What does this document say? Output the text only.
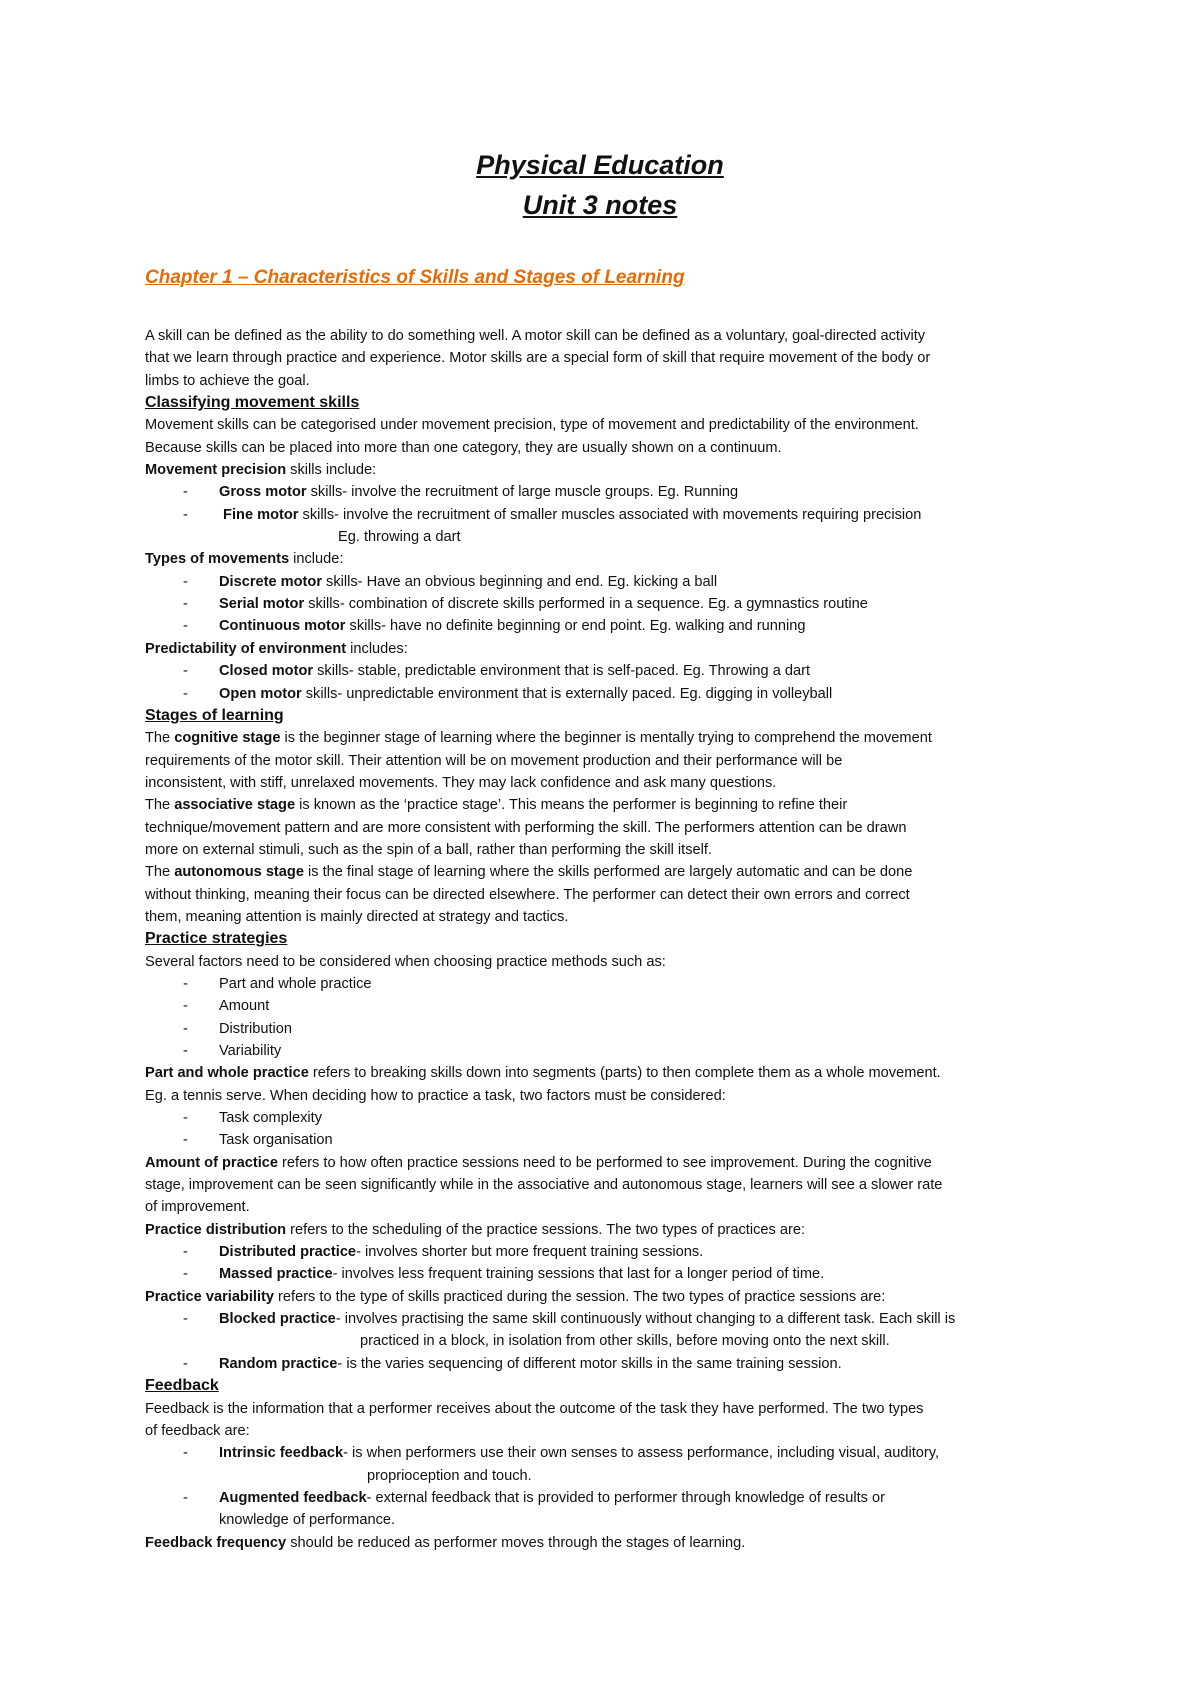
Physical Education
Unit 3 notes
Chapter 1 – Characteristics of Skills and Stages of Learning
A skill can be defined as the ability to do something well. A motor skill can be defined as a voluntary, goal-directed activity
that we learn through practice and experience. Motor skills are a special form of skill that require movement of the body or
limbs to achieve the goal.
Classifying movement skills
Movement skills can be categorised under movement precision, type of movement and predictability of the environment.
Because skills can be placed into more than one category, they are usually shown on a continuum.
Movement precision skills include:
- Gross motor skills- involve the recruitment of large muscle groups. Eg. Running
- Fine motor skills- involve the recruitment of smaller muscles associated with movements requiring precision
Eg. throwing a dart
Types of movements include:
- Discrete motor skills- Have an obvious beginning and end. Eg. kicking a ball
- Serial motor skills- combination of discrete skills performed in a sequence. Eg. a gymnastics routine
- Continuous motor skills- have no definite beginning or end point. Eg. walking and running
Predictability of environment includes:
- Closed motor skills- stable, predictable environment that is self-paced. Eg. Throwing a dart
- Open motor skills- unpredictable environment that is externally paced. Eg. digging in volleyball
Stages of learning
The cognitive stage is the beginner stage of learning where the beginner is mentally trying to comprehend the movement
requirements of the motor skill. Their attention will be on movement production and their performance will be
inconsistent, with stiff, unrelaxed movements. They may lack confidence and ask many questions.
The associative stage is known as the ‘practice stage’. This means the performer is beginning to refine their
technique/movement pattern and are more consistent with performing the skill. The performers attention can be drawn
more on external stimuli, such as the spin of a ball, rather than performing the skill itself.
The autonomous stage is the final stage of learning where the skills performed are largely automatic and can be done
without thinking, meaning their focus can be directed elsewhere. The performer can detect their own errors and correct
them, meaning attention is mainly directed at strategy and tactics.
Practice strategies
Several factors need to be considered when choosing practice methods such as:
- Part and whole practice
- Amount
- Distribution
- Variability
Part and whole practice refers to breaking skills down into segments (parts) to then complete them as a whole movement.
Eg. a tennis serve. When deciding how to practice a task, two factors must be considered:
- Task complexity
- Task organisation
Amount of practice refers to how often practice sessions need to be performed to see improvement. During the cognitive
stage, improvement can be seen significantly while in the associative and autonomous stage, learners will see a slower rate
of improvement.
Practice distribution refers to the scheduling of the practice sessions. The two types of practices are:
- Distributed practice- involves shorter but more frequent training sessions.
- Massed practice- involves less frequent training sessions that last for a longer period of time.
Practice variability refers to the type of skills practiced during the session. The two types of practice sessions are:
- Blocked practice- involves practising the same skill continuously without changing to a different task. Each skill is
practiced in a block, in isolation from other skills, before moving onto the next skill.
- Random practice- is the varies sequencing of different motor skills in the same training session.
Feedback
Feedback is the information that a performer receives about the outcome of the task they have performed. The two types
of feedback are:
- Intrinsic feedback- is when performers use their own senses to assess performance, including visual, auditory,
proprioception and touch.
- Augmented feedback- external feedback that is provided to performer through knowledge of results or
knowledge of performance.
Feedback frequency should be reduced as performer moves through the stages of learning.
